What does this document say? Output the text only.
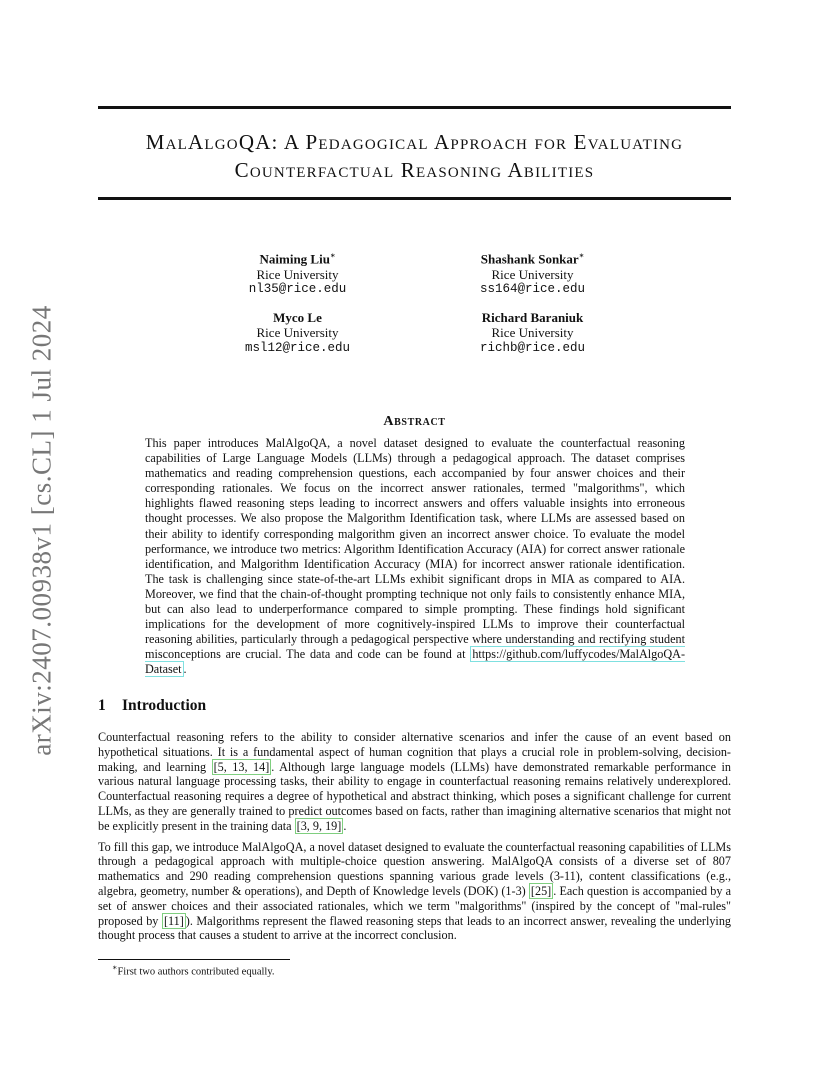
arXiv:2407.00938v1 [cs.CL] 1 Jul 2024
MalAlgoQA: A Pedagogical Approach for Evaluating
Counterfactual Reasoning Abilities
Naiming Liu∗
Rice University
nl35@rice.edu
Shashank Sonkar∗
Rice University
ss164@rice.edu
Myco Le
Rice University
msl12@rice.edu
Richard Baraniuk
Rice University
richb@rice.edu
Abstract

This paper introduces MalAlgoQA, a novel dataset designed to evaluate the counterfactual reasoning capabilities of Large Language Models (LLMs) through a pedagogical approach. The dataset comprises mathematics and reading comprehension questions, each accompanied by four answer choices and their corresponding rationales. We focus on the incorrect answer rationales, termed "malgorithms", which highlights flawed reasoning steps leading to incorrect answers and offers valuable insights into erroneous thought processes. We also propose the Malgorithm Identification task, where LLMs are assessed based on their ability to identify corresponding malgorithm given an incorrect answer choice. To evaluate the model performance, we introduce two metrics: Algorithm Identification Accuracy (AIA) for correct answer rationale identification, and Malgorithm Identification Accuracy (MIA) for incorrect answer rationale identification. The task is challenging since state-of-the-art LLMs exhibit significant drops in MIA as compared to AIA. Moreover, we find that the chain-of-thought prompting technique not only fails to consistently enhance MIA, but can also lead to underperformance compared to simple prompting. These findings hold significant implications for the development of more cognitively-inspired LLMs to improve their counterfactual reasoning abilities, particularly through a pedagogical perspective where understanding and rectifying student misconceptions are crucial. The data and code can be found at https://github.com/luffycodes/MalAlgoQA-Dataset .

1 Introduction

Counterfactual reasoning refers to the ability to consider alternative scenarios and infer the cause of an event based on hypothetical situations. It is a fundamental aspect of human cognition that plays a crucial role in problem-solving, decision-making, and learning [5, 13, 14] . Although large language models (LLMs) have demonstrated remarkable performance in various natural language processing tasks, their ability to engage in counterfactual reasoning remains relatively underexplored. Counterfactual reasoning requires a degree of hypothetical and abstract thinking, which poses a significant challenge for current LLMs, as they are generally trained to predict outcomes based on facts, rather than imagining alternative scenarios that might not be explicitly present in the training data [3, 9, 19] .

To fill this gap, we introduce MalAlgoQA, a novel dataset designed to evaluate the counterfactual reasoning capabilities of LLMs through a pedagogical approach with multiple-choice question answering. MalAlgoQA consists of a diverse set of 807 mathematics and 290 reading comprehension questions spanning various grade levels (3-11), content classifications (e.g., algebra, geometry, number & operations), and Depth of Knowledge levels (DOK) (1-3) [25] . Each question is accompanied by a set of answer choices and their associated rationales, which we term "malgorithms" (inspired by the concept of "mal-rules" proposed by [11] ). Malgorithms represent the flawed reasoning steps that leads to an incorrect answer, revealing the underlying thought process that causes a student to arrive at the incorrect conclusion.

∗First two authors contributed equally.
